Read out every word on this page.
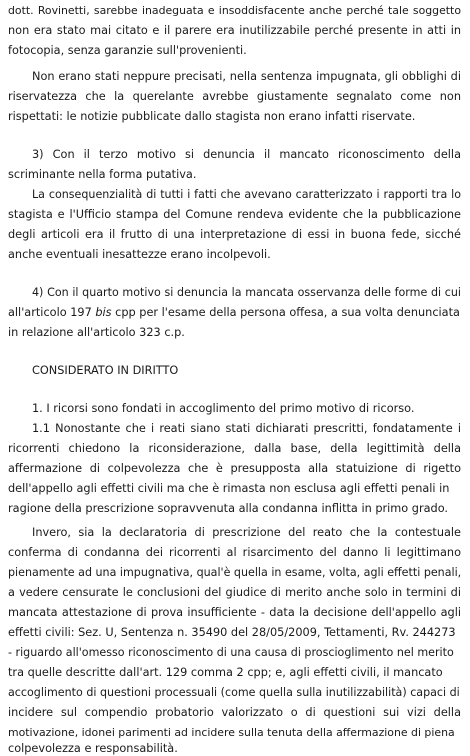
dott. Rovinetti, sarebbe inadeguata e insoddisfacente anche perché tale soggetto
non era stato mai citato e il parere era inutilizzabile perché presente in atti in
fotocopia, senza garanzie sull'provenienti.
Non erano stati neppure precisati, nella sentenza impugnata, gli obblighi di
riservatezza che la querelante avrebbe giustamente segnalato come non
rispettati: le notizie pubblicate dallo stagista non erano infatti riservate.
3) Con il terzo motivo si denuncia il mancato riconoscimento della
scriminante nella forma putativa.
La consequenzialità di tutti i fatti che avevano caratterizzato i rapporti tra lo
stagista e l'Ufficio stampa del Comune rendeva evidente che la pubblicazione
degli articoli era il frutto di una interpretazione di essi in buona fede, sicché
anche eventuali inesattezze erano incolpevoli.
4) Con il quarto motivo si denuncia la mancata osservanza delle forme di cui
all'articolo 197 bis cpp per l'esame della persona offesa, a sua volta denunciata
in relazione all'articolo 323 c.p.
CONSIDERATO IN DIRITTO
1. I ricorsi sono fondati in accoglimento del primo motivo di ricorso.
1.1 Nonostante che i reati siano stati dichiarati prescritti, fondatamente i
ricorrenti chiedono la riconsiderazione, dalla base, della legittimità della
affermazione di colpevolezza che è presupposta alla statuizione di rigetto
dell'appello agli effetti civili ma che è rimasta non esclusa agli effetti penali in
ragione della prescrizione sopravvenuta alla condanna inflitta in primo grado.
Invero, sia la declaratoria di prescrizione del reato che la contestuale
conferma di condanna dei ricorrenti al risarcimento del danno li legittimano
pienamente ad una impugnativa, qual'è quella in esame, volta, agli effetti penali,
a vedere censurate le conclusioni del giudice di merito anche solo in termini di
mancata attestazione di prova insufficiente - data la decisione dell'appello agli
effetti civili: Sez. U, Sentenza n. 35490 del 28/05/2009, Tettamenti, Rv. 244273
- riguardo all'omesso riconoscimento di una causa di proscioglimento nel merito
tra quelle descritte dall'art. 129 comma 2 cpp; e, agli effetti civili, il mancato
accoglimento di questioni processuali (come quella sulla inutilizzabilità) capaci di
incidere sul compendio probatorio valorizzato o di questioni sui vizi della
motivazione, idonei parimenti ad incidere sulla tenuta della affermazione di piena
colpevolezza e responsabilità.
